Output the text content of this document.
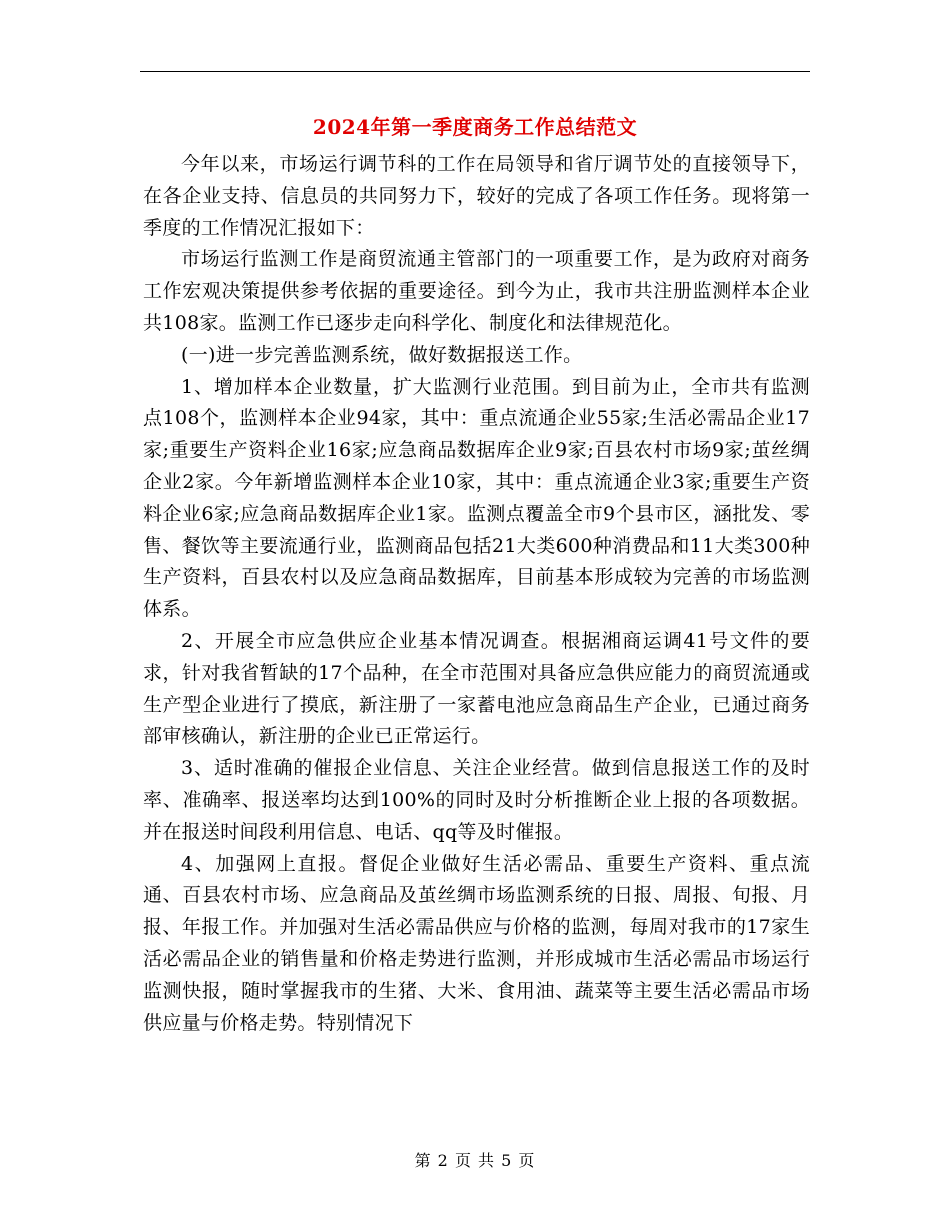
2024年第一季度商务工作总结范文

今年以来，市场运行调节科的工作在局领导和省厅调节处的直接领导下，在各企业支持、信息员的共同努力下，较好的完成了各项工作任务。现将第一季度的工作情况汇报如下：

市场运行监测工作是商贸流通主管部门的一项重要工作，是为政府对商务工作宏观决策提供参考依据的重要途径。到今为止，我市共注册监测样本企业共108家。监测工作已逐步走向科学化、制度化和法律规范化。

(一)进一步完善监测系统，做好数据报送工作。

1、增加样本企业数量，扩大监测行业范围。到目前为止，全市共有监测点108个，监测样本企业94家，其中：重点流通企业55家;生活必需品企业17家;重要生产资料企业16家;应急商品数据库企业9家;百县农村市场9家;茧丝绸企业2家。今年新增监测样本企业10家，其中：重点流通企业3家;重要生产资料企业6家;应急商品数据库企业1家。监测点覆盖全市9个县市区，涵批发、零售、餐饮等主要流通行业，监测商品包括21大类600种消费品和11大类300种生产资料，百县农村以及应急商品数据库，目前基本形成较为完善的市场监测体系。

2、开展全市应急供应企业基本情况调查。根据湘商运调41号文件的要求，针对我省暂缺的17个品种，在全市范围对具备应急供应能力的商贸流通或生产型企业进行了摸底，新注册了一家蓄电池应急商品生产企业，已通过商务部审核确认，新注册的企业已正常运行。

3、适时准确的催报企业信息、关注企业经营。做到信息报送工作的及时率、准确率、报送率均达到100%的同时及时分析推断企业上报的各项数据。并在报送时间段利用信息、电话、qq等及时催报。

4、加强网上直报。督促企业做好生活必需品、重要生产资料、重点流通、百县农村市场、应急商品及茧丝绸市场监测系统的日报、周报、旬报、月报、年报工作。并加强对生活必需品供应与价格的监测，每周对我市的17家生活必需品企业的销售量和价格走势进行监测，并形成城市生活必需品市场运行监测快报，随时掌握我市的生猪、大米、食用油、蔬菜等主要生活必需品市场供应量与价格走势。特别情况下

第 2 页 共 5 页
